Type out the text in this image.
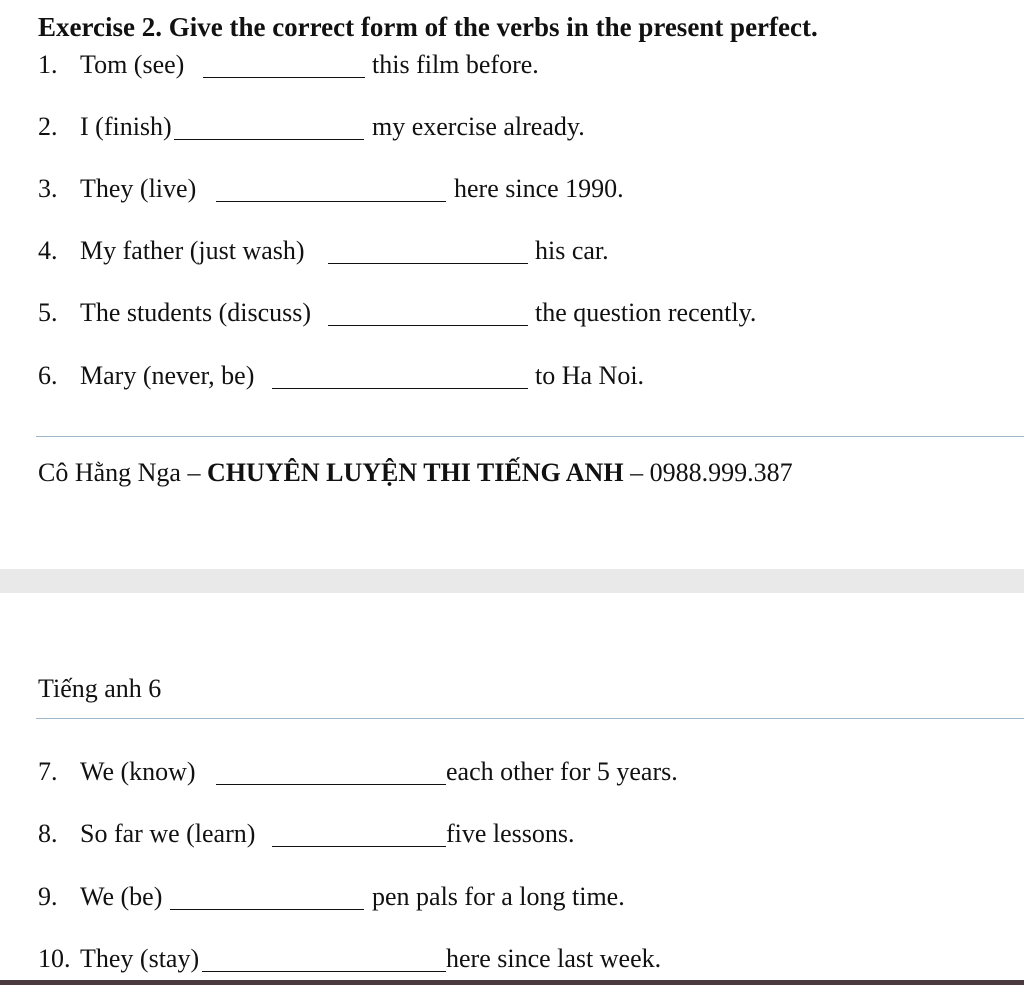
Exercise 2. Give the correct form of the verbs in the present perfect.
1. Tom (see)	this film before.
2. I (finish)	my exercise already.
3. They (live)	here since 1990.
4. My father (just wash)	his car.
5. The students (discuss)	the question recently.
6. Mary (never, be)	to Ha Noi.
Cô Hằng Nga – CHUYÊN LUYỆN THI TIẾNG ANH – 0988.999.387
Tiếng anh 6
7. We (know)	each other for 5 years.
8. So far we (learn)	five lessons.
9. We (be)	pen pals for a long time.
10. They (stay)	here since last week.
